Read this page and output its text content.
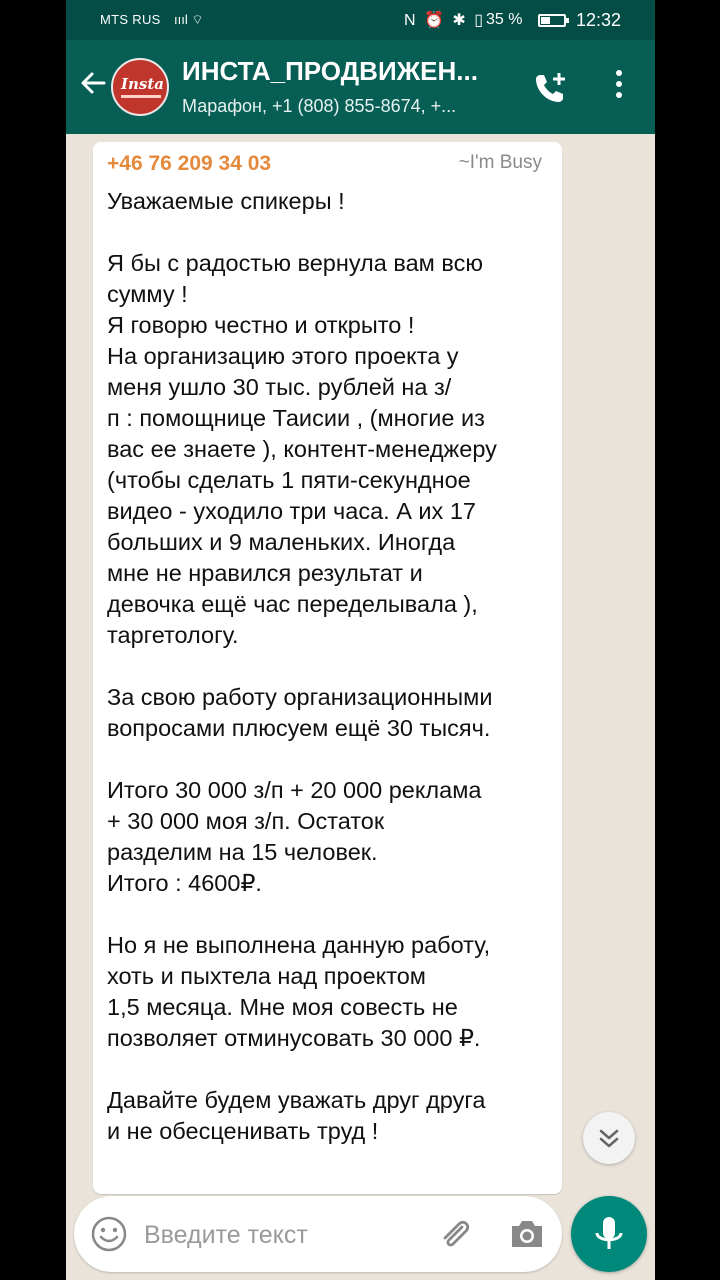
MTS RUS ıııl ⌔	N ⏰ ✱ ▯ 35 %	12:32
Insta ИНСТА_ПРОДВИЖЕН...
Марафон, +1 (808) 855-8674, +...
+46 76 209 34 03	~I'm Busy
Уважаемые спикеры !

Я бы с радостью вернула вам всю
сумму !
Я говорю честно и открыто !
На организацию этого проекта у
меня ушло 30 тыс. рублей на з/
п : помощнице Таисии , (многие из
вас ее знаете ), контент-менеджеру
(чтобы сделать 1 пяти-секундное
видео - уходило три часа. А их 17
больших и 9 маленьких. Иногда
мне не нравился результат и
девочка ещё час переделывала ),
таргетологу.

За свою работу организационными
вопросами плюсуем ещё 30 тысяч.

Итого 30 000 з/п + 20 000 реклама
+ 30 000 моя з/п. Остаток
разделим на 15 человек.
Итого : 4600₽.

Но я не выполнена данную работу,
хоть и пыхтела над проектом
1,5 месяца. Мне моя совесть не
позволяет отминусовать 30 000 ₽.

Давайте будем уважать друг друга
и не обесценивать труд !
Введите текст
